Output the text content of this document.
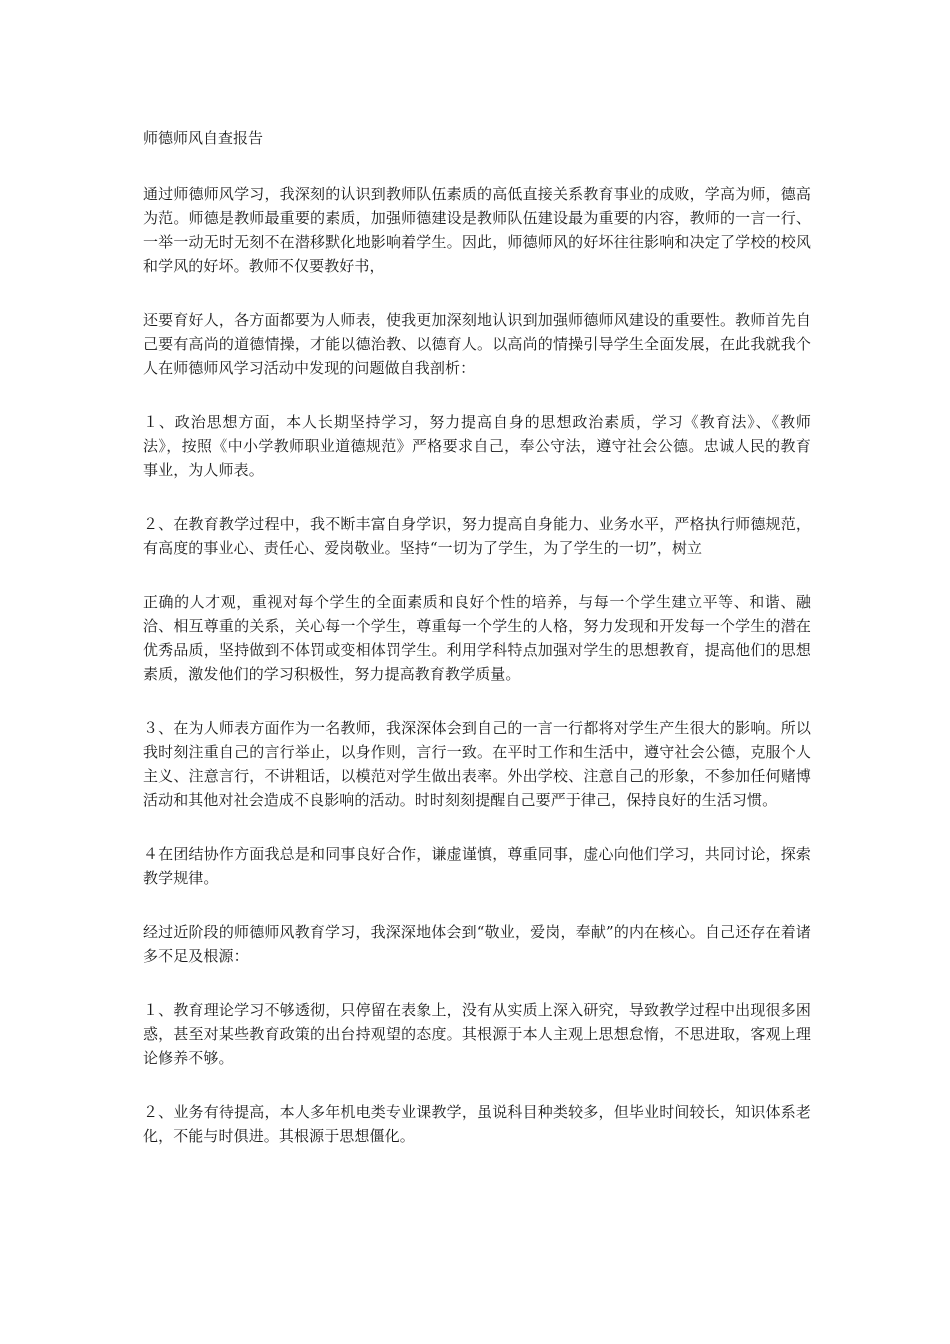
师德师风自查报告

通过师德师风学习，我深刻的认识到教师队伍素质的高低直接关系教育事业的成败，学高为师，德高为范。师德是教师最重要的素质，加强师德建设是教师队伍建设最为重要的内容，教师的一言一行、一举一动无时无刻不在潜移默化地影响着学生。因此，师德师风的好坏往往影响和决定了学校的校风和学风的好坏。教师不仅要教好书，

还要育好人，各方面都要为人师表，使我更加深刻地认识到加强师德师风建设的重要性。教师首先自己要有高尚的道德情操，才能以德治教、以德育人。以高尚的情操引导学生全面发展，在此我就我个人在师德师风学习活动中发现的问题做自我剖析：

１、政治思想方面，本人长期坚持学习，努力提高自身的思想政治素质，学习《教育法》、《教师法》，按照《中小学教师职业道德规范》严格要求自己，奉公守法，遵守社会公德。忠诚人民的教育事业，为人师表。

２、在教育教学过程中，我不断丰富自身学识，努力提高自身能力、业务水平，严格执行师德规范，有高度的事业心、责任心、爱岗敬业。坚持“一切为了学生，为了学生的一切”，树立

正确的人才观，重视对每个学生的全面素质和良好个性的培养，与每一个学生建立平等、和谐、融洽、相互尊重的关系，关心每一个学生，尊重每一个学生的人格，努力发现和开发每一个学生的潜在优秀品质，坚持做到不体罚或变相体罚学生。利用学科特点加强对学生的思想教育，提高他们的思想素质，激发他们的学习积极性，努力提高教育教学质量。

３、在为人师表方面作为一名教师，我深深体会到自己的一言一行都将对学生产生很大的影响。所以我时刻注重自己的言行举止，以身作则，言行一致。在平时工作和生活中，遵守社会公德，克服个人主义、注意言行，不讲粗话，以模范对学生做出表率。外出学校、注意自己的形象，不参加任何赌博活动和其他对社会造成不良影响的活动。时时刻刻提醒自己要严于律己，保持良好的生活习惯。

４在团结协作方面我总是和同事良好合作，谦虚谨慎，尊重同事，虚心向他们学习，共同讨论，探索教学规律。

经过近阶段的师德师风教育学习，我深深地体会到“敬业，爱岗，奉献”的内在核心。自己还存在着诸多不足及根源：

１、教育理论学习不够透彻，只停留在表象上，没有从实质上深入研究，导致教学过程中出现很多困惑，甚至对某些教育政策的出台持观望的态度。其根源于本人主观上思想怠惰，不思进取，客观上理论修养不够。

２、业务有待提高，本人多年机电类专业课教学，虽说科目种类较多，但毕业时间较长，知识体系老化，不能与时俱进。其根源于思想僵化。
